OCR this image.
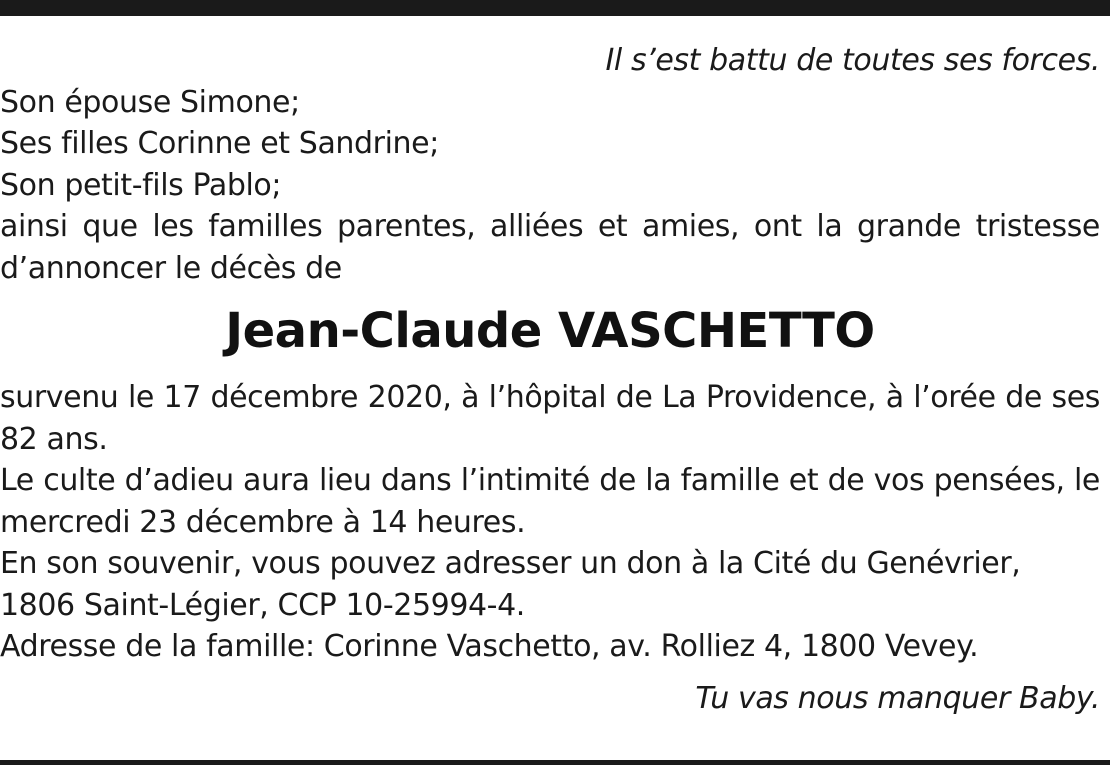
Il s’est battu de toutes ses forces.

Son épouse Simone;

Ses filles Corinne et Sandrine;

Son petit-fils Pablo;

ainsi que les familles parentes, alliées et amies, ont la grande tristesse d’annoncer le décès de

Jean-Claude VASCHETTO

survenu le 17 décembre 2020, à l’hôpital de La Providence, à l’orée de ses 82 ans.

Le culte d’adieu aura lieu dans l’intimité de la famille et de vos pensées, le mercredi 23 décembre à 14 heures.

En son souvenir, vous pouvez adresser un don à la Cité du Genévrier,

1806 Saint-Légier, CCP 10-25994-4.

Adresse de la famille: Corinne Vaschetto, av. Rolliez 4, 1800 Vevey.

Tu vas nous manquer Baby.
